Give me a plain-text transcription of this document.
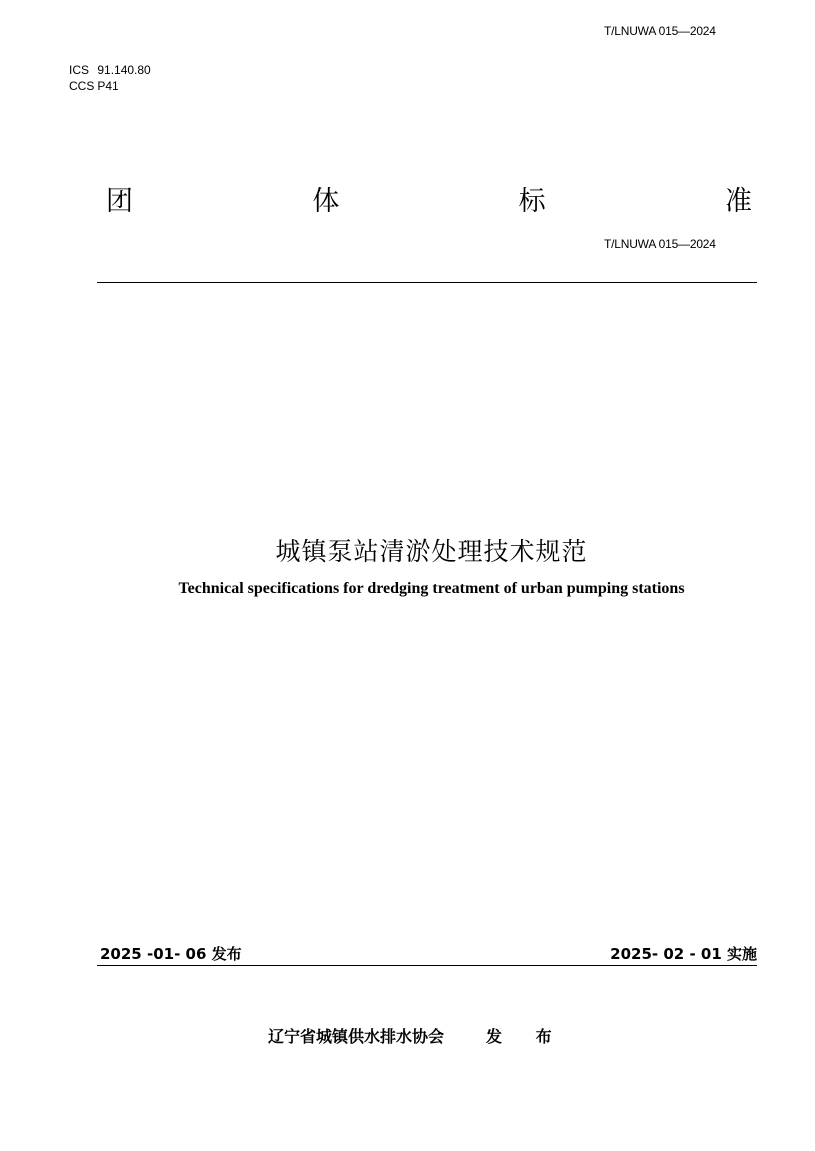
T/LNUWA 015—2024
ICS 91.140.80
CCS P41
团	体	标	准
T/LNUWA 015—2024
城镇泵站清淤处理技术规范
Technical specifications for dredging treatment of urban pumping stations
2025 -01- 06 发布	2025- 02 - 01 实施
辽宁省城镇供水排水协会	发 布
